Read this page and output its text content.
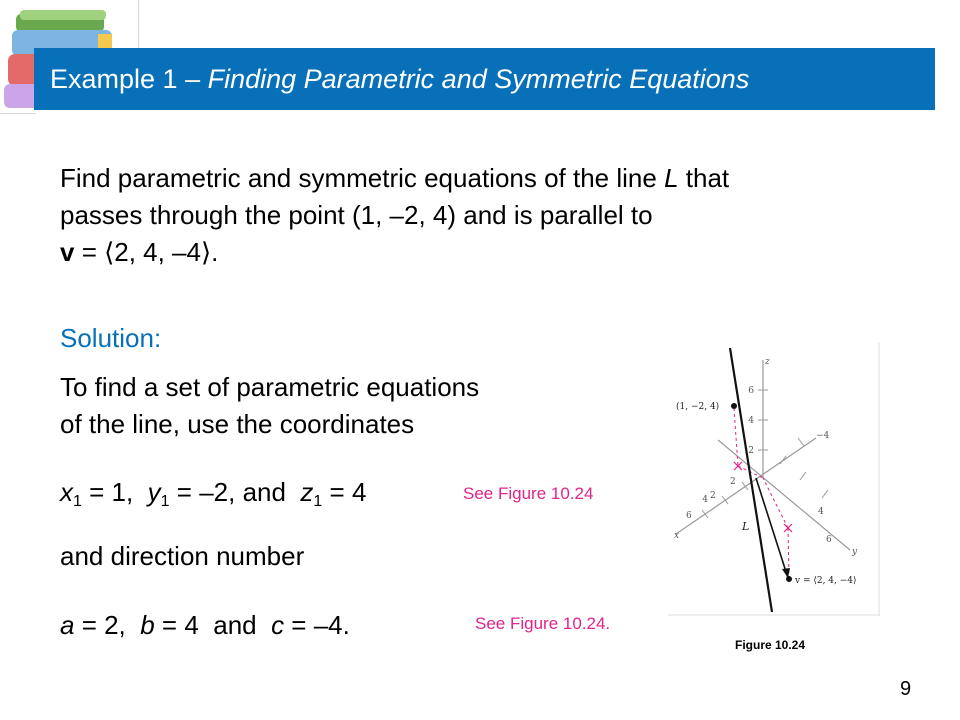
Example 1 – Finding Parametric and Symmetric Equations
Find parametric and symmetric equations of the line L that
passes through the point (1, –2, 4) and is parallel to
v = ⟨2, 4, –4⟩.
Solution:
To find a set of parametric equations
of the line, use the coordinates
$x_1 = 1$,  $y_1 = -2$, and  $z_1 = 4$	See Figure 10.24
and direction number
a = 2,  b = 4  and  c = –4.	See Figure 10.24.
z
6
4
2
x
2
4
6
−4
y
2
4
6
L
(1, −2, 4)
v = ⟨2, 4, −4⟩
Figure 10.24
9
